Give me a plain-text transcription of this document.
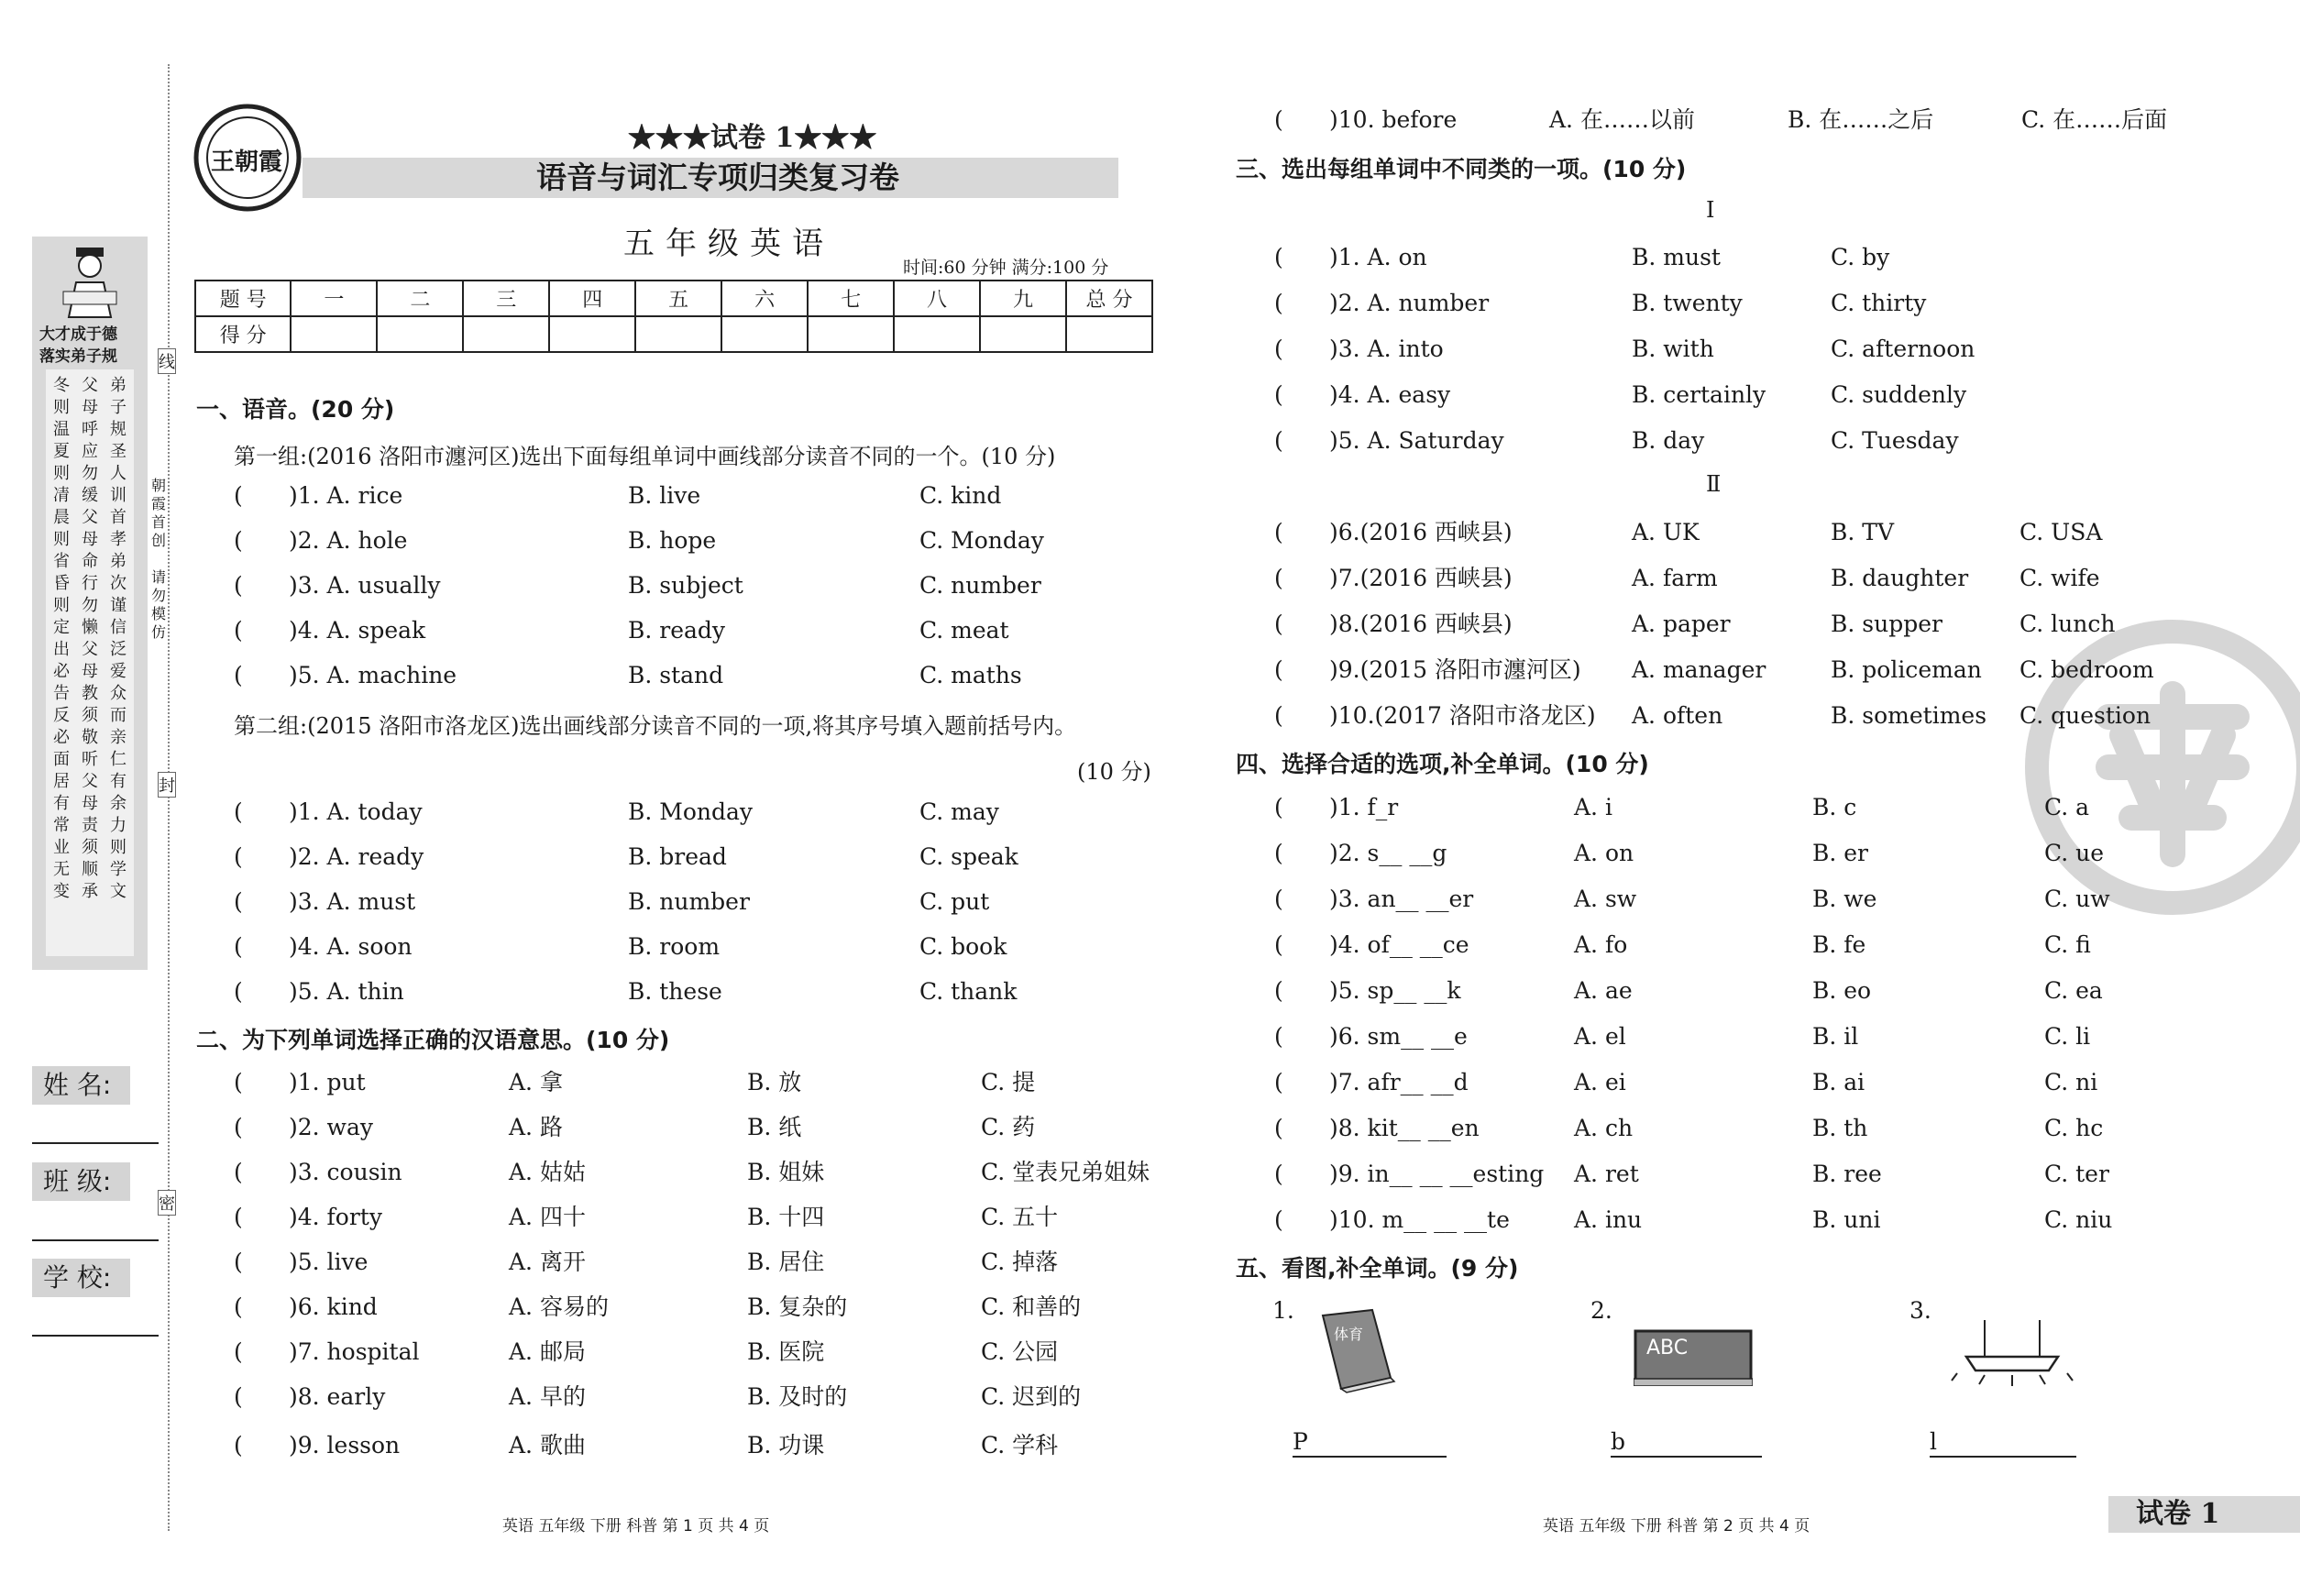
大才成于德
落实弟子规
冬则温夏则凊晨则省昏则定出必告反必面居有常业无变
父母呼应勿缓父母命行勿懒父母教须敬听父母责须顺承
弟子规圣人训首孝弟次谨信泛爱众而亲仁有余力则学文
朝霞首创
请勿模仿
线
封
密
姓 名:
班 级:
学 校:
王朝霞
★★★试卷 1★★★
语音与词汇专项归类复习卷
五年级英语
时间:60 分钟 满分:100 分
题 号	一	二	三	四	五	六	七	八	九	总 分
得 分										
一、语音。(20 分)
第一组:(2016 洛阳市瀍河区)选出下面每组单词中画线部分读音不同的一个。(10 分)
第二组:(2015 洛阳市洛龙区)选出画线部分读音不同的一项,将其序号填入题前括号内。
(10 分)
二、为下列单词选择正确的汉语意思。(10 分)
英语 五年级 下册 科普 第 1 页 共 4 页
( )10. before	A. 在……以前	B. 在……之后	C. 在……后面
三、选出每组单词中不同类的一项。(10 分)
Ⅰ
Ⅱ
四、选择合适的选项,补全单词。(10 分)
五、看图,补全单词。(9 分)
1.
体育
P
2.
ABC
b
3.
l
英语 五年级 下册 科普 第 2 页 共 4 页	试卷 1
( )1. A. rice	B. live	C. kind
( )2. A. hole	B. hope	C. Monday
( )3. A. usually	B. subject	C. number
( )4. A. speak	B. ready	C. meat
( )5. A. machine	B. stand	C. maths
( )1. A. today	B. Monday	C. may
( )2. A. ready	B. bread	C. speak
( )3. A. must	B. number	C. put
( )4. A. soon	B. room	C. book
( )5. A. thin	B. these	C. thank
( )1. put	A. 拿	B. 放	C. 提
( )2. way	A. 路	B. 纸	C. 药
( )3. cousin	A. 姑姑	B. 姐妹	C. 堂表兄弟姐妹
( )4. forty	A. 四十	B. 十四	C. 五十
( )5. live	A. 离开	B. 居住	C. 掉落
( )6. kind	A. 容易的	B. 复杂的	C. 和善的
( )7. hospital	A. 邮局	B. 医院	C. 公园
( )8. early	A. 早的	B. 及时的	C. 迟到的
( )9. lesson	A. 歌曲	B. 功课	C. 学科
( )1. A. on	B. must	C. by
( )2. A. number	B. twenty	C. thirty
( )3. A. into	B. with	C. afternoon
( )4. A. easy	B. certainly	C. suddenly
( )5. A. Saturday	B. day	C. Tuesday
( )6.(2016 西峡县)	A. UK	B. TV	C. USA
( )7.(2016 西峡县)	A. farm	B. daughter C. wife
( )8.(2016 西峡县)	A. paper	B. supper	C. lunch
( )9.(2015 洛阳市瀍河区) A. manager	B. policeman C. bedroom
( )10.(2017 洛阳市洛龙区) A. often	B. sometimes C. question
( )1. f_r	A. i	B. c	C. a
( )2. s__ __g	A. on	B. er	C. ue
( )3. an__ __er	A. sw	B. we	C. uw
( )4. of__ __ce	A. fo	B. fe	C. fi
( )5. sp__ __k	A. ae	B. eo	C. ea
( )6. sm__ __e	A. el	B. il	C. li
( )7. afr__ __d	A. ei	B. ai	C. ni
( )8. kit__ __en	A. ch	B. th	C. hc
( )9. in__ __ __esting A. ret	B. ree	C. ter
( )10. m__ __ __te	A. inu	B. uni	C. niu
